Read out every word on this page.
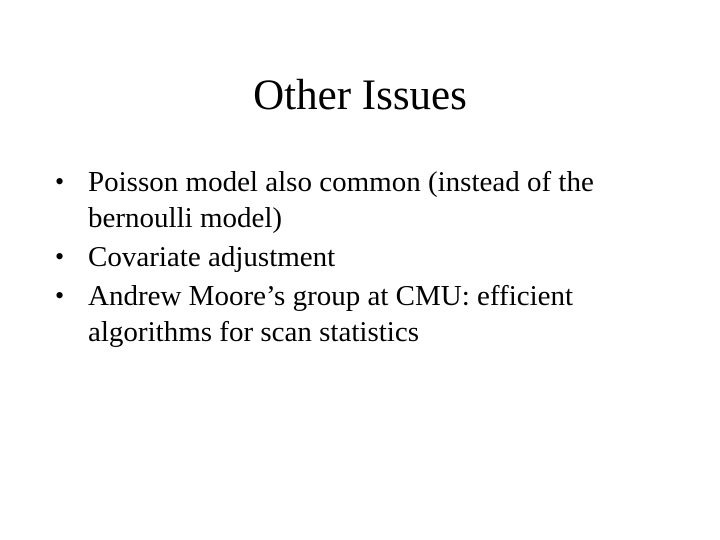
Other Issues
• Poisson model also common (instead of the bernoulli model)
• Covariate adjustment
• Andrew Moore’s group at CMU: efficient algorithms for scan statistics
